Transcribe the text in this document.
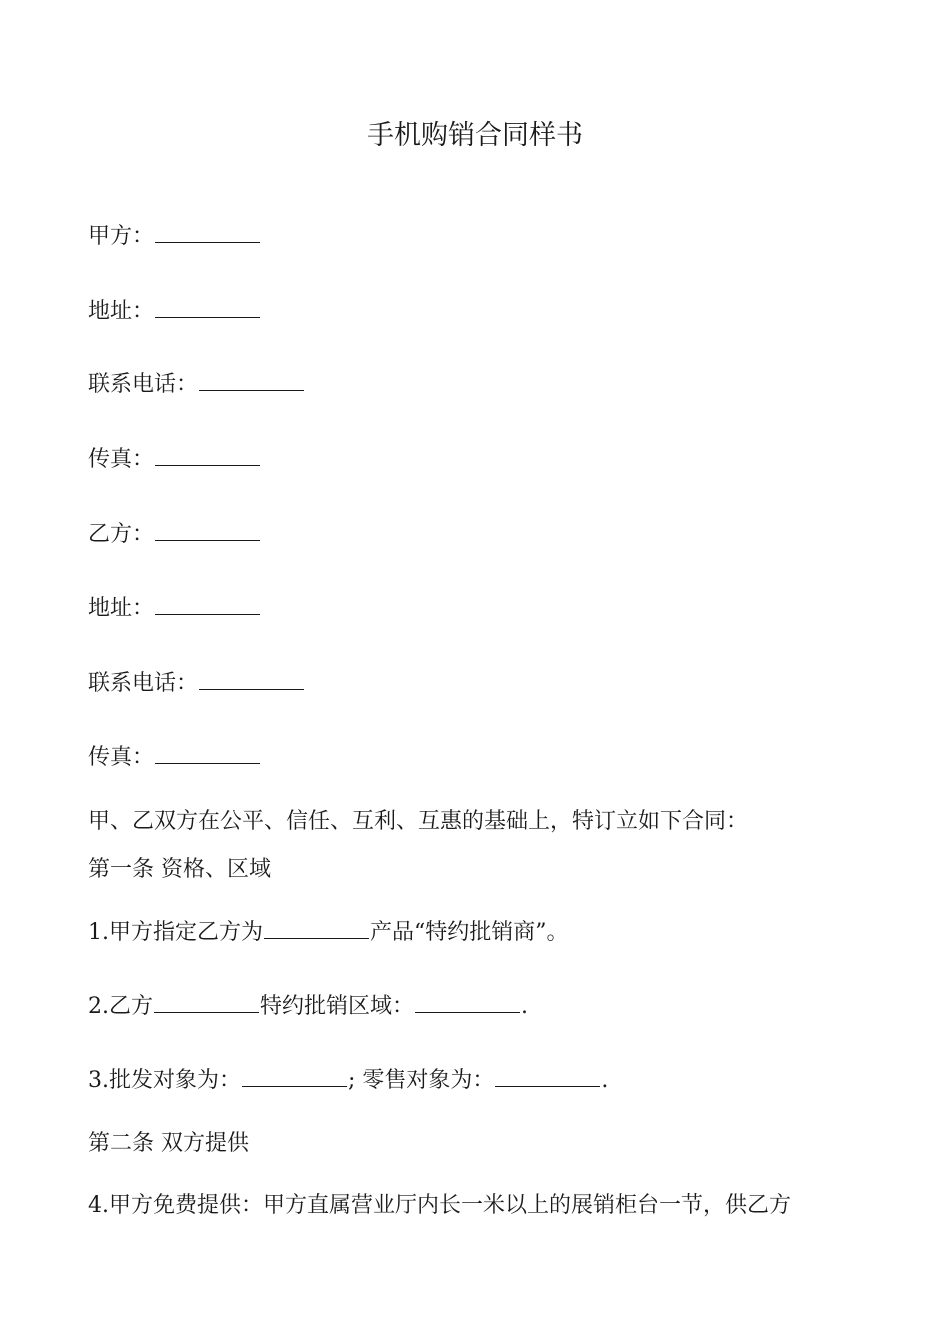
手机购销合同样书
甲方：
地址：
联系电话：
传真：
乙方：
地址：
联系电话：
传真：
甲、乙双方在公平、信任、互利、互惠的基础上，特订立如下合同：
第一条 资格、区域
1.甲方指定乙方为	产品“特约批销商”。
2.乙方	特约批销区域：	.
3.批发对象为：	; 零售对象为：	.
第二条 双方提供
4.甲方免费提供：甲方直属营业厅内长一米以上的展销柜台一节，供乙方
